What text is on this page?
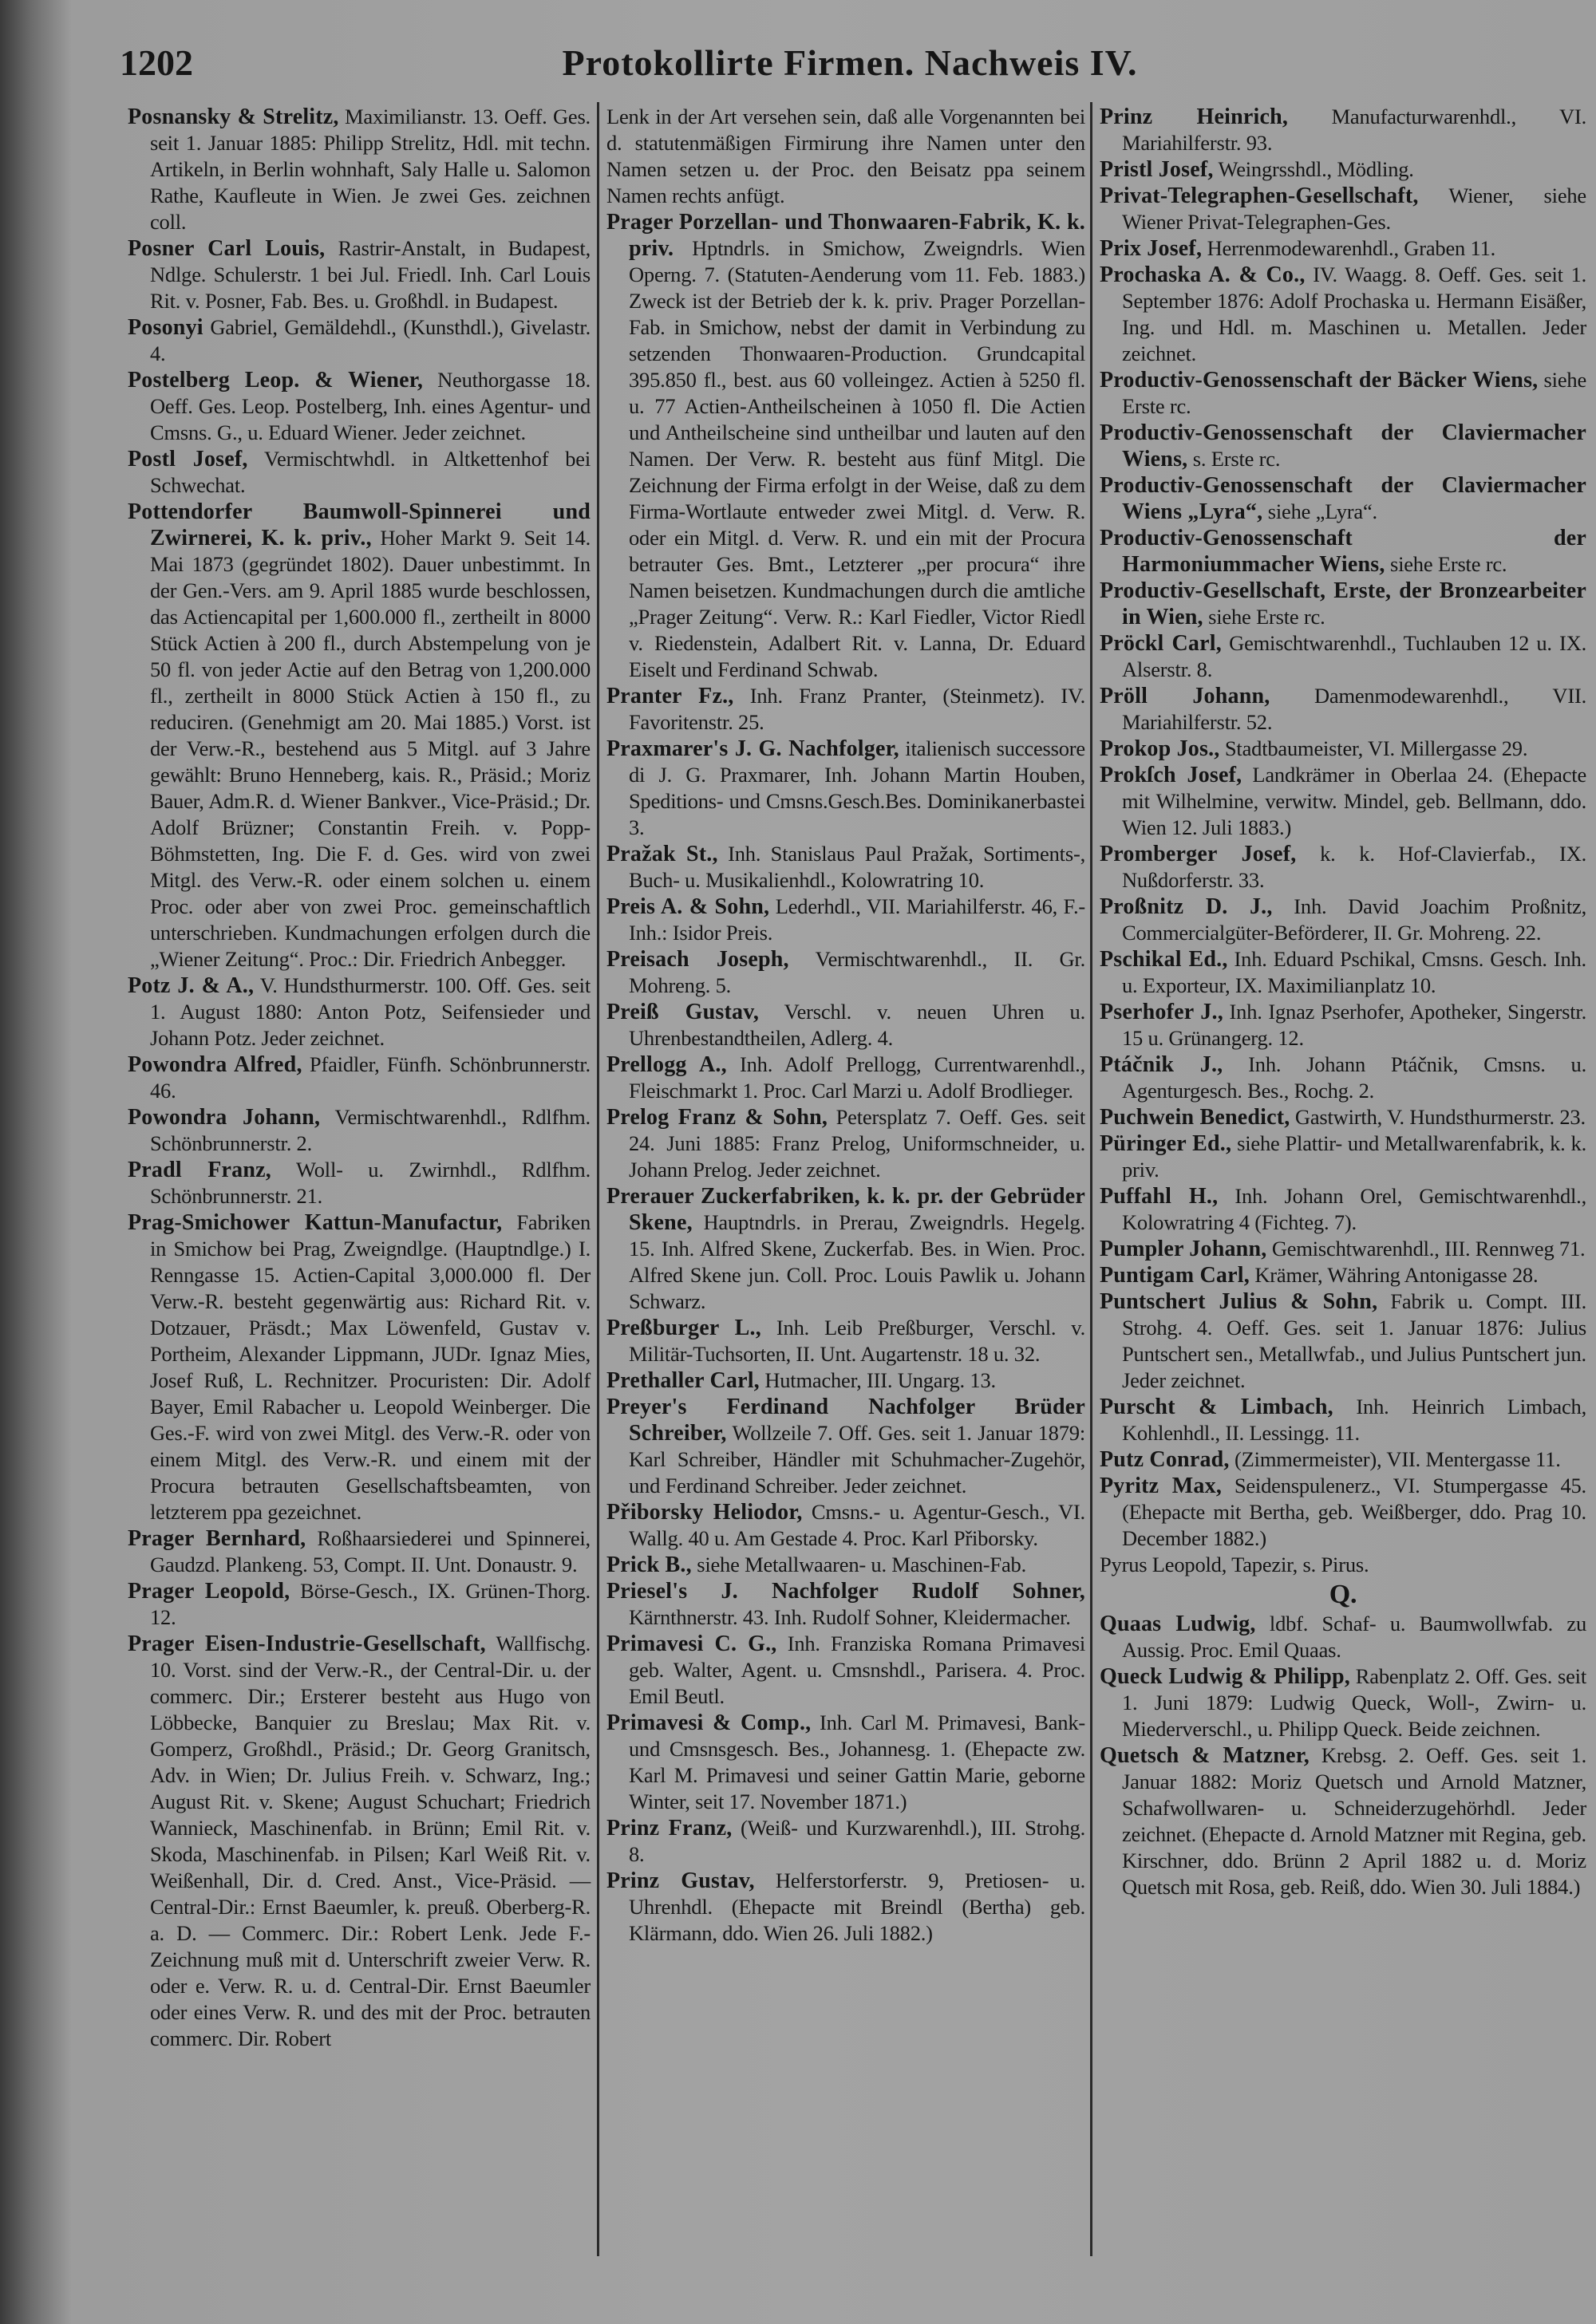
1202	Protokollirte Firmen. Nachweis IV.

Posnansky & Strelitz, Maximilianstr. 13. Oeff. Ges. seit 1. Januar 1885: Philipp Strelitz, Hdl. mit techn. Artikeln, in Berlin wohnhaft, Saly Halle u. Salomon Rathe, Kaufleute in Wien. Je zwei Ges. zeichnen coll.

Posner Carl Louis, Rastrir-Anstalt, in Budapest, Ndlge. Schulerstr. 1 bei Jul. Friedl. Inh. Carl Louis Rit. v. Posner, Fab. Bes. u. Großhdl. in Budapest.

Posonyi Gabriel, Gemäldehdl., (Kunsthdl.), Givelastr. 4.

Postelberg Leop. & Wiener, Neuthorgasse 18. Oeff. Ges. Leop. Postelberg, Inh. eines Agentur- und Cmsns. G., u. Eduard Wiener. Jeder zeichnet.

Postl Josef, Vermischtwhdl. in Altkettenhof bei Schwechat.

Pottendorfer Baumwoll-Spinnerei und Zwirnerei, K. k. priv., Hoher Markt 9. Seit 14. Mai 1873 (gegründet 1802). Dauer unbestimmt. In der Gen.-Vers. am 9. April 1885 wurde beschlossen, das Actiencapital per 1,600.000 fl., zertheilt in 8000 Stück Actien à 200 fl., durch Abstempelung von je 50 fl. von jeder Actie auf den Betrag von 1,200.000 fl., zertheilt in 8000 Stück Actien à 150 fl., zu reduciren. (Genehmigt am 20. Mai 1885.) Vorst. ist der Verw.-R., bestehend aus 5 Mitgl. auf 3 Jahre gewählt: Bruno Henneberg, kais. R., Präsid.; Moriz Bauer, Adm.R. d. Wiener Bankver., Vice-Präsid.; Dr. Adolf Brüzner; Constantin Freih. v. Popp-Böhmstetten, Ing. Die F. d. Ges. wird von zwei Mitgl. des Verw.-R. oder einem solchen u. einem Proc. oder aber von zwei Proc. gemeinschaftlich unterschrieben. Kundmachungen erfolgen durch die „Wiener Zeitung“. Proc.: Dir. Friedrich Anbegger.

Potz J. & A., V. Hundsthurmerstr. 100. Off. Ges. seit 1. August 1880: Anton Potz, Seifensieder und Johann Potz. Jeder zeichnet.

Powondra Alfred, Pfaidler, Fünfh. Schönbrunnerstr. 46.

Powondra Johann, Vermischtwarenhdl., Rdlfhm. Schönbrunnerstr. 2.

Pradl Franz, Woll- u. Zwirnhdl., Rdlfhm. Schönbrunnerstr. 21.

Prag-Smichower Kattun-Manufactur, Fabriken in Smichow bei Prag, Zweigndlge. (Hauptndlge.) I. Renngasse 15. Actien-Capital 3,000.000 fl. Der Verw.-R. besteht gegenwärtig aus: Richard Rit. v. Dotzauer, Präsdt.; Max Löwenfeld, Gustav v. Portheim, Alexander Lippmann, JUDr. Ignaz Mies, Josef Ruß, L. Rechnitzer. Procuristen: Dir. Adolf Bayer, Emil Rabacher u. Leopold Weinberger. Die Ges.-F. wird von zwei Mitgl. des Verw.-R. oder von einem Mitgl. des Verw.-R. und einem mit der Procura betrauten Gesellschaftsbeamten, von letzterem ppa gezeichnet.

Prager Bernhard, Roßhaarsiederei und Spinnerei, Gaudzd. Plankeng. 53, Compt. II. Unt. Donaustr. 9.

Prager Leopold, Börse-Gesch., IX. Grünen-Thorg. 12.

Prager Eisen-Industrie-Gesellschaft, Wallfischg. 10. Vorst. sind der Verw.-R., der Central-Dir. u. der commerc. Dir.; Ersterer besteht aus Hugo von Löbbecke, Banquier zu Breslau; Max Rit. v. Gomperz, Großhdl., Präsid.; Dr. Georg Granitsch, Adv. in Wien; Dr. Julius Freih. v. Schwarz, Ing.; August Rit. v. Skene; August Schuchart; Friedrich Wannieck, Maschinenfab. in Brünn; Emil Rit. v. Skoda, Maschinenfab. in Pilsen; Karl Weiß Rit. v. Weißenhall, Dir. d. Cred. Anst., Vice-Präsid. — Central-Dir.: Ernst Baeumler, k. preuß. Oberberg-R. a. D. — Commerc. Dir.: Robert Lenk. Jede F.-Zeichnung muß mit d. Unterschrift zweier Verw. R. oder e. Verw. R. u. d. Central-Dir. Ernst Baeumler oder eines Verw. R. und des mit der Proc. betrauten commerc. Dir. Robert

Lenk in der Art versehen sein, daß alle Vorgenannten bei d. statutenmäßigen Firmirung ihre Namen unter den Namen setzen u. der Proc. den Beisatz ppa seinem Namen rechts anfügt.

Prager Porzellan- und Thonwaaren-Fabrik, K. k. priv. Hptndrls. in Smichow, Zweigndrls. Wien Operng. 7. (Statuten-Aenderung vom 11. Feb. 1883.) Zweck ist der Betrieb der k. k. priv. Prager Porzellan-Fab. in Smichow, nebst der damit in Verbindung zu setzenden Thonwaaren-Production. Grundcapital 395.850 fl., best. aus 60 volleingez. Actien à 5250 fl. u. 77 Actien-Antheilscheinen à 1050 fl. Die Actien und Antheilscheine sind untheilbar und lauten auf den Namen. Der Verw. R. besteht aus fünf Mitgl. Die Zeichnung der Firma erfolgt in der Weise, daß zu dem Firma-Wortlaute entweder zwei Mitgl. d. Verw. R. oder ein Mitgl. d. Verw. R. und ein mit der Procura betrauter Ges. Bmt., Letzterer „per procura“ ihre Namen beisetzen. Kundmachungen durch die amtliche „Prager Zeitung“. Verw. R.: Karl Fiedler, Victor Riedl v. Riedenstein, Adalbert Rit. v. Lanna, Dr. Eduard Eiselt und Ferdinand Schwab.

Pranter Fz., Inh. Franz Pranter, (Steinmetz). IV. Favoritenstr. 25.

Praxmarer's J. G. Nachfolger, italienisch successore di J. G. Praxmarer, Inh. Johann Martin Houben, Speditions- und Cmsns.Gesch.Bes. Dominikanerbastei 3.

Pražak St., Inh. Stanislaus Paul Pražak, Sortiments-, Buch- u. Musikalienhdl., Kolowratring 10.

Preis A. & Sohn, Lederhdl., VII. Mariahilferstr. 46, F.-Inh.: Isidor Preis.

Preisach Joseph, Vermischtwarenhdl., II. Gr. Mohreng. 5.

Preiß Gustav, Verschl. v. neuen Uhren u. Uhrenbestandtheilen, Adlerg. 4.

Prellogg A., Inh. Adolf Prellogg, Currentwarenhdl., Fleischmarkt 1. Proc. Carl Marzi u. Adolf Brodlieger.

Prelog Franz & Sohn, Petersplatz 7. Oeff. Ges. seit 24. Juni 1885: Franz Prelog, Uniformschneider, u. Johann Prelog. Jeder zeichnet.

Prerauer Zuckerfabriken, k. k. pr. der Gebrüder Skene, Hauptndrls. in Prerau, Zweigndrls. Hegelg. 15. Inh. Alfred Skene, Zuckerfab. Bes. in Wien. Proc. Alfred Skene jun. Coll. Proc. Louis Pawlik u. Johann Schwarz.

Preßburger L., Inh. Leib Preßburger, Verschl. v. Militär-Tuchsorten, II. Unt. Augartenstr. 18 u. 32.

Prethaller Carl, Hutmacher, III. Ungarg. 13.

Preyer's Ferdinand Nachfolger Brüder Schreiber, Wollzeile 7. Off. Ges. seit 1. Januar 1879: Karl Schreiber, Händler mit Schuhmacher-Zugehör, und Ferdinand Schreiber. Jeder zeichnet.

Přiborsky Heliodor, Cmsns.- u. Agentur-Gesch., VI. Wallg. 40 u. Am Gestade 4. Proc. Karl Přiborsky.

Prick B., siehe Metallwaaren- u. Maschinen-Fab.

Priesel's J. Nachfolger Rudolf Sohner, Kärnthnerstr. 43. Inh. Rudolf Sohner, Kleidermacher.

Primavesi C. G., Inh. Franziska Romana Primavesi geb. Walter, Agent. u. Cmsnshdl., Parisera. 4. Proc. Emil Beutl.

Primavesi & Comp., Inh. Carl M. Primavesi, Bank- und Cmsnsgesch. Bes., Johannesg. 1. (Ehepacte zw. Karl M. Primavesi und seiner Gattin Marie, geborne Winter, seit 17. November 1871.)

Prinz Franz, (Weiß- und Kurzwarenhdl.), III. Strohg. 8.

Prinz Gustav, Helferstorferstr. 9, Pretiosen- u. Uhrenhdl. (Ehepacte mit Breindl (Bertha) geb. Klärmann, ddo. Wien 26. Juli 1882.)

Prinz Heinrich, Manufacturwarenhdl., VI. Mariahilferstr. 93.

Pristl Josef, Weingrsshdl., Mödling.

Privat-Telegraphen-Gesellschaft, Wiener, siehe Wiener Privat-Telegraphen-Ges.

Prix Josef, Herrenmodewarenhdl., Graben 11.

Prochaska A. & Co., IV. Waagg. 8. Oeff. Ges. seit 1. September 1876: Adolf Prochaska u. Hermann Eisäßer, Ing. und Hdl. m. Maschinen u. Metallen. Jeder zeichnet.

Productiv-Genossenschaft der Bäcker Wiens, siehe Erste rc.

Productiv-Genossenschaft der Claviermacher Wiens, s. Erste rc.

Productiv-Genossenschaft der Claviermacher Wiens „Lyra“, siehe „Lyra“.

Productiv-Genossenschaft der Harmoniummacher Wiens, siehe Erste rc.

Productiv-Gesellschaft, Erste, der Bronzearbeiter in Wien, siehe Erste rc.

Pröckl Carl, Gemischtwarenhdl., Tuchlauben 12 u. IX. Alserstr. 8.

Pröll Johann, Damenmodewarenhdl., VII. Mariahilferstr. 52.

Prokop Jos., Stadtbaumeister, VI. Millergasse 29.

Prokſch Josef, Landkrämer in Oberlaa 24. (Ehepacte mit Wilhelmine, verwitw. Mindel, geb. Bellmann, ddo. Wien 12. Juli 1883.)

Promberger Josef, k. k. Hof-Clavierfab., IX. Nußdorferstr. 33.

Proßnitz D. J., Inh. David Joachim Proßnitz, Commercialgüter-Beförderer, II. Gr. Mohreng. 22.

Pschikal Ed., Inh. Eduard Pschikal, Cmsns. Gesch. Inh. u. Exporteur, IX. Maximilianplatz 10.

Pserhofer J., Inh. Ignaz Pserhofer, Apotheker, Singerstr. 15 u. Grünangerg. 12.

Ptáčnik J., Inh. Johann Ptáčnik, Cmsns. u. Agenturgesch. Bes., Rochg. 2.

Puchwein Benedict, Gastwirth, V. Hundsthurmerstr. 23.

Püringer Ed., siehe Plattir- und Metallwarenfabrik, k. k. priv.

Puffahl H., Inh. Johann Orel, Gemischtwarenhdl., Kolowratring 4 (Fichteg. 7).

Pumpler Johann, Gemischtwarenhdl., III. Rennweg 71.

Puntigam Carl, Krämer, Währing Antonigasse 28.

Puntschert Julius & Sohn, Fabrik u. Compt. III. Strohg. 4. Oeff. Ges. seit 1. Januar 1876: Julius Puntschert sen., Metallwfab., und Julius Puntschert jun. Jeder zeichnet.

Purscht & Limbach, Inh. Heinrich Limbach, Kohlenhdl., II. Lessingg. 11.

Putz Conrad, (Zimmermeister), VII. Mentergasse 11.

Pyritz Max, Seidenspulenerz., VI. Stumpergasse 45. (Ehepacte mit Bertha, geb. Weißberger, ddo. Prag 10. December 1882.)

Pyrus Leopold, Tapezir, s. Pirus.

Q.

Quaas Ludwig, ldbf. Schaf- u. Baumwollwfab. zu Aussig. Proc. Emil Quaas.

Queck Ludwig & Philipp, Rabenplatz 2. Off. Ges. seit 1. Juni 1879: Ludwig Queck, Woll-, Zwirn- u. Miederverschl., u. Philipp Queck. Beide zeichnen.

Quetsch & Matzner, Krebsg. 2. Oeff. Ges. seit 1. Januar 1882: Moriz Quetsch und Arnold Matzner, Schafwollwaren- u. Schneiderzugehörhdl. Jeder zeichnet. (Ehepacte d. Arnold Matzner mit Regina, geb. Kirschner, ddo. Brünn 2 April 1882 u. d. Moriz Quetsch mit Rosa, geb. Reiß, ddo. Wien 30. Juli 1884.)
